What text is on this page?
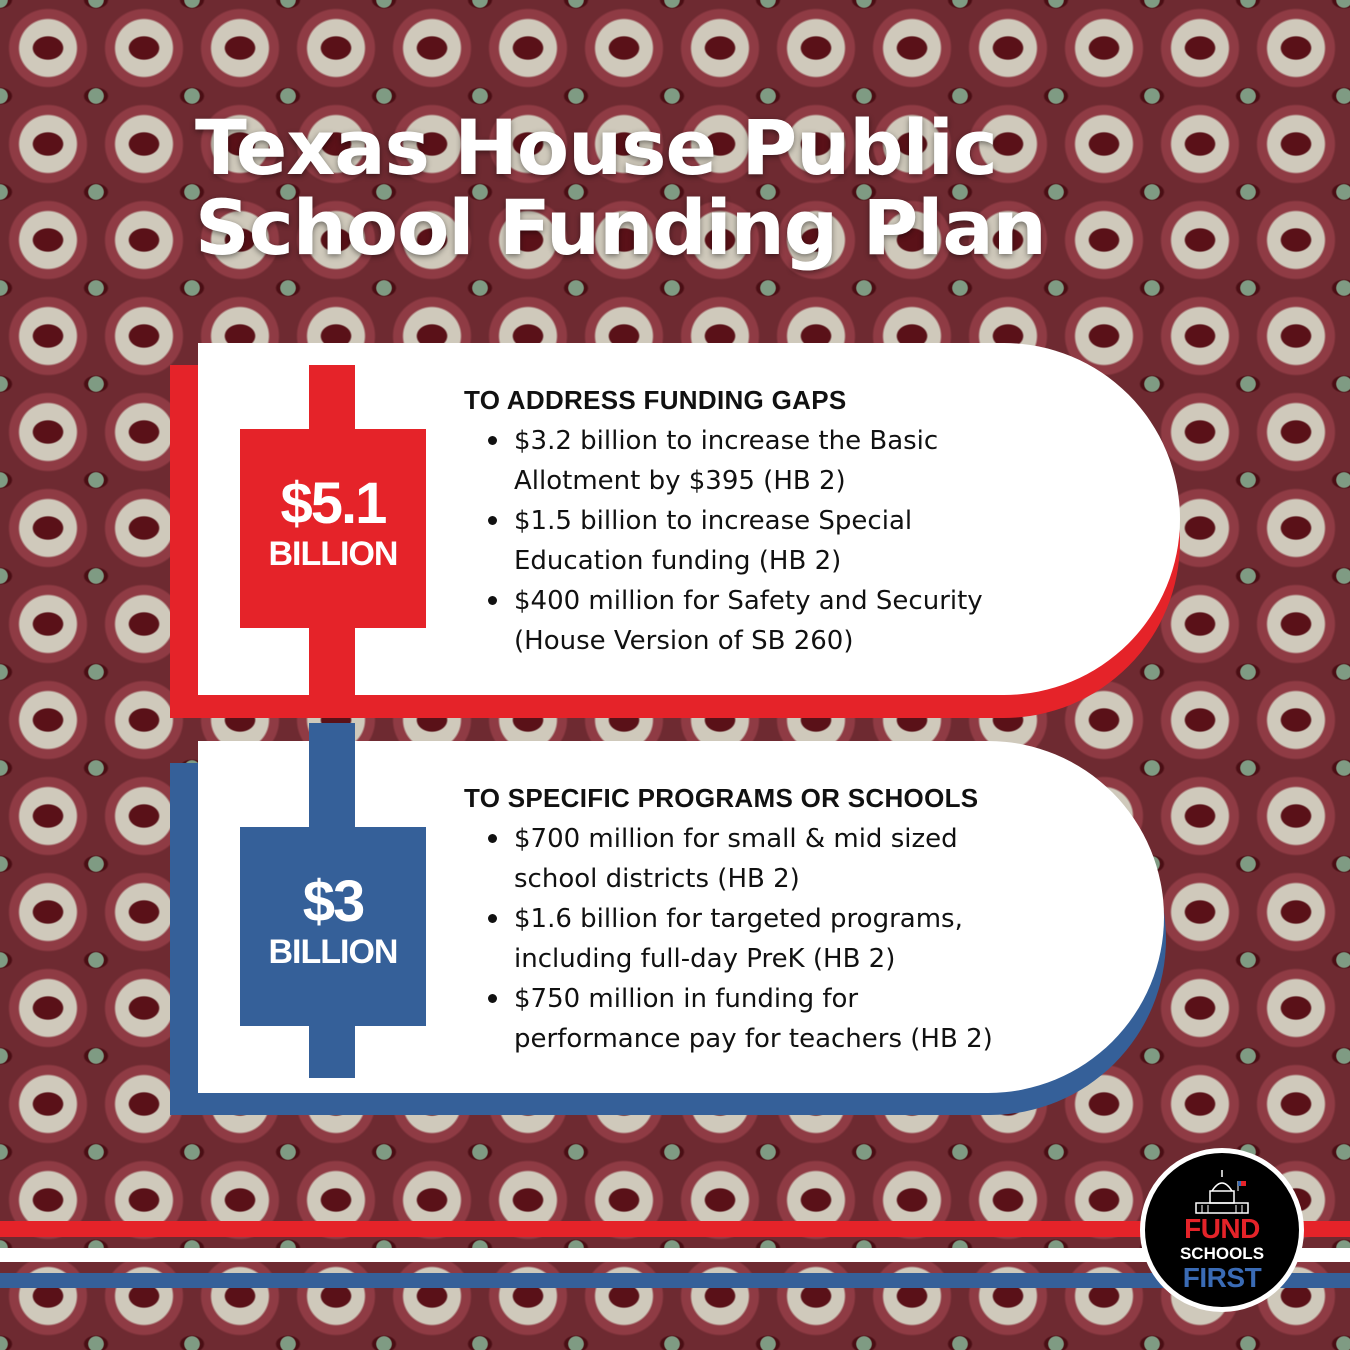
Texas House Public
School Funding Plan
$5.1
BILLION
TO ADDRESS FUNDING GAPS
$3.2 billion to increase the Basic
Allotment by $395 (HB 2)
$1.5 billion to increase Special
Education funding (HB 2)
$400 million for Safety and Security
(House Version of SB 260)
$3
BILLION
TO SPECIFIC PROGRAMS OR SCHOOLS
$700 million for small & mid sized
school districts (HB 2)
$1.6 billion for targeted programs,
including full-day PreK (HB 2)
$750 million in funding for
performance pay for teachers (HB 2)
FUND
SCHOOLS
FIRST
